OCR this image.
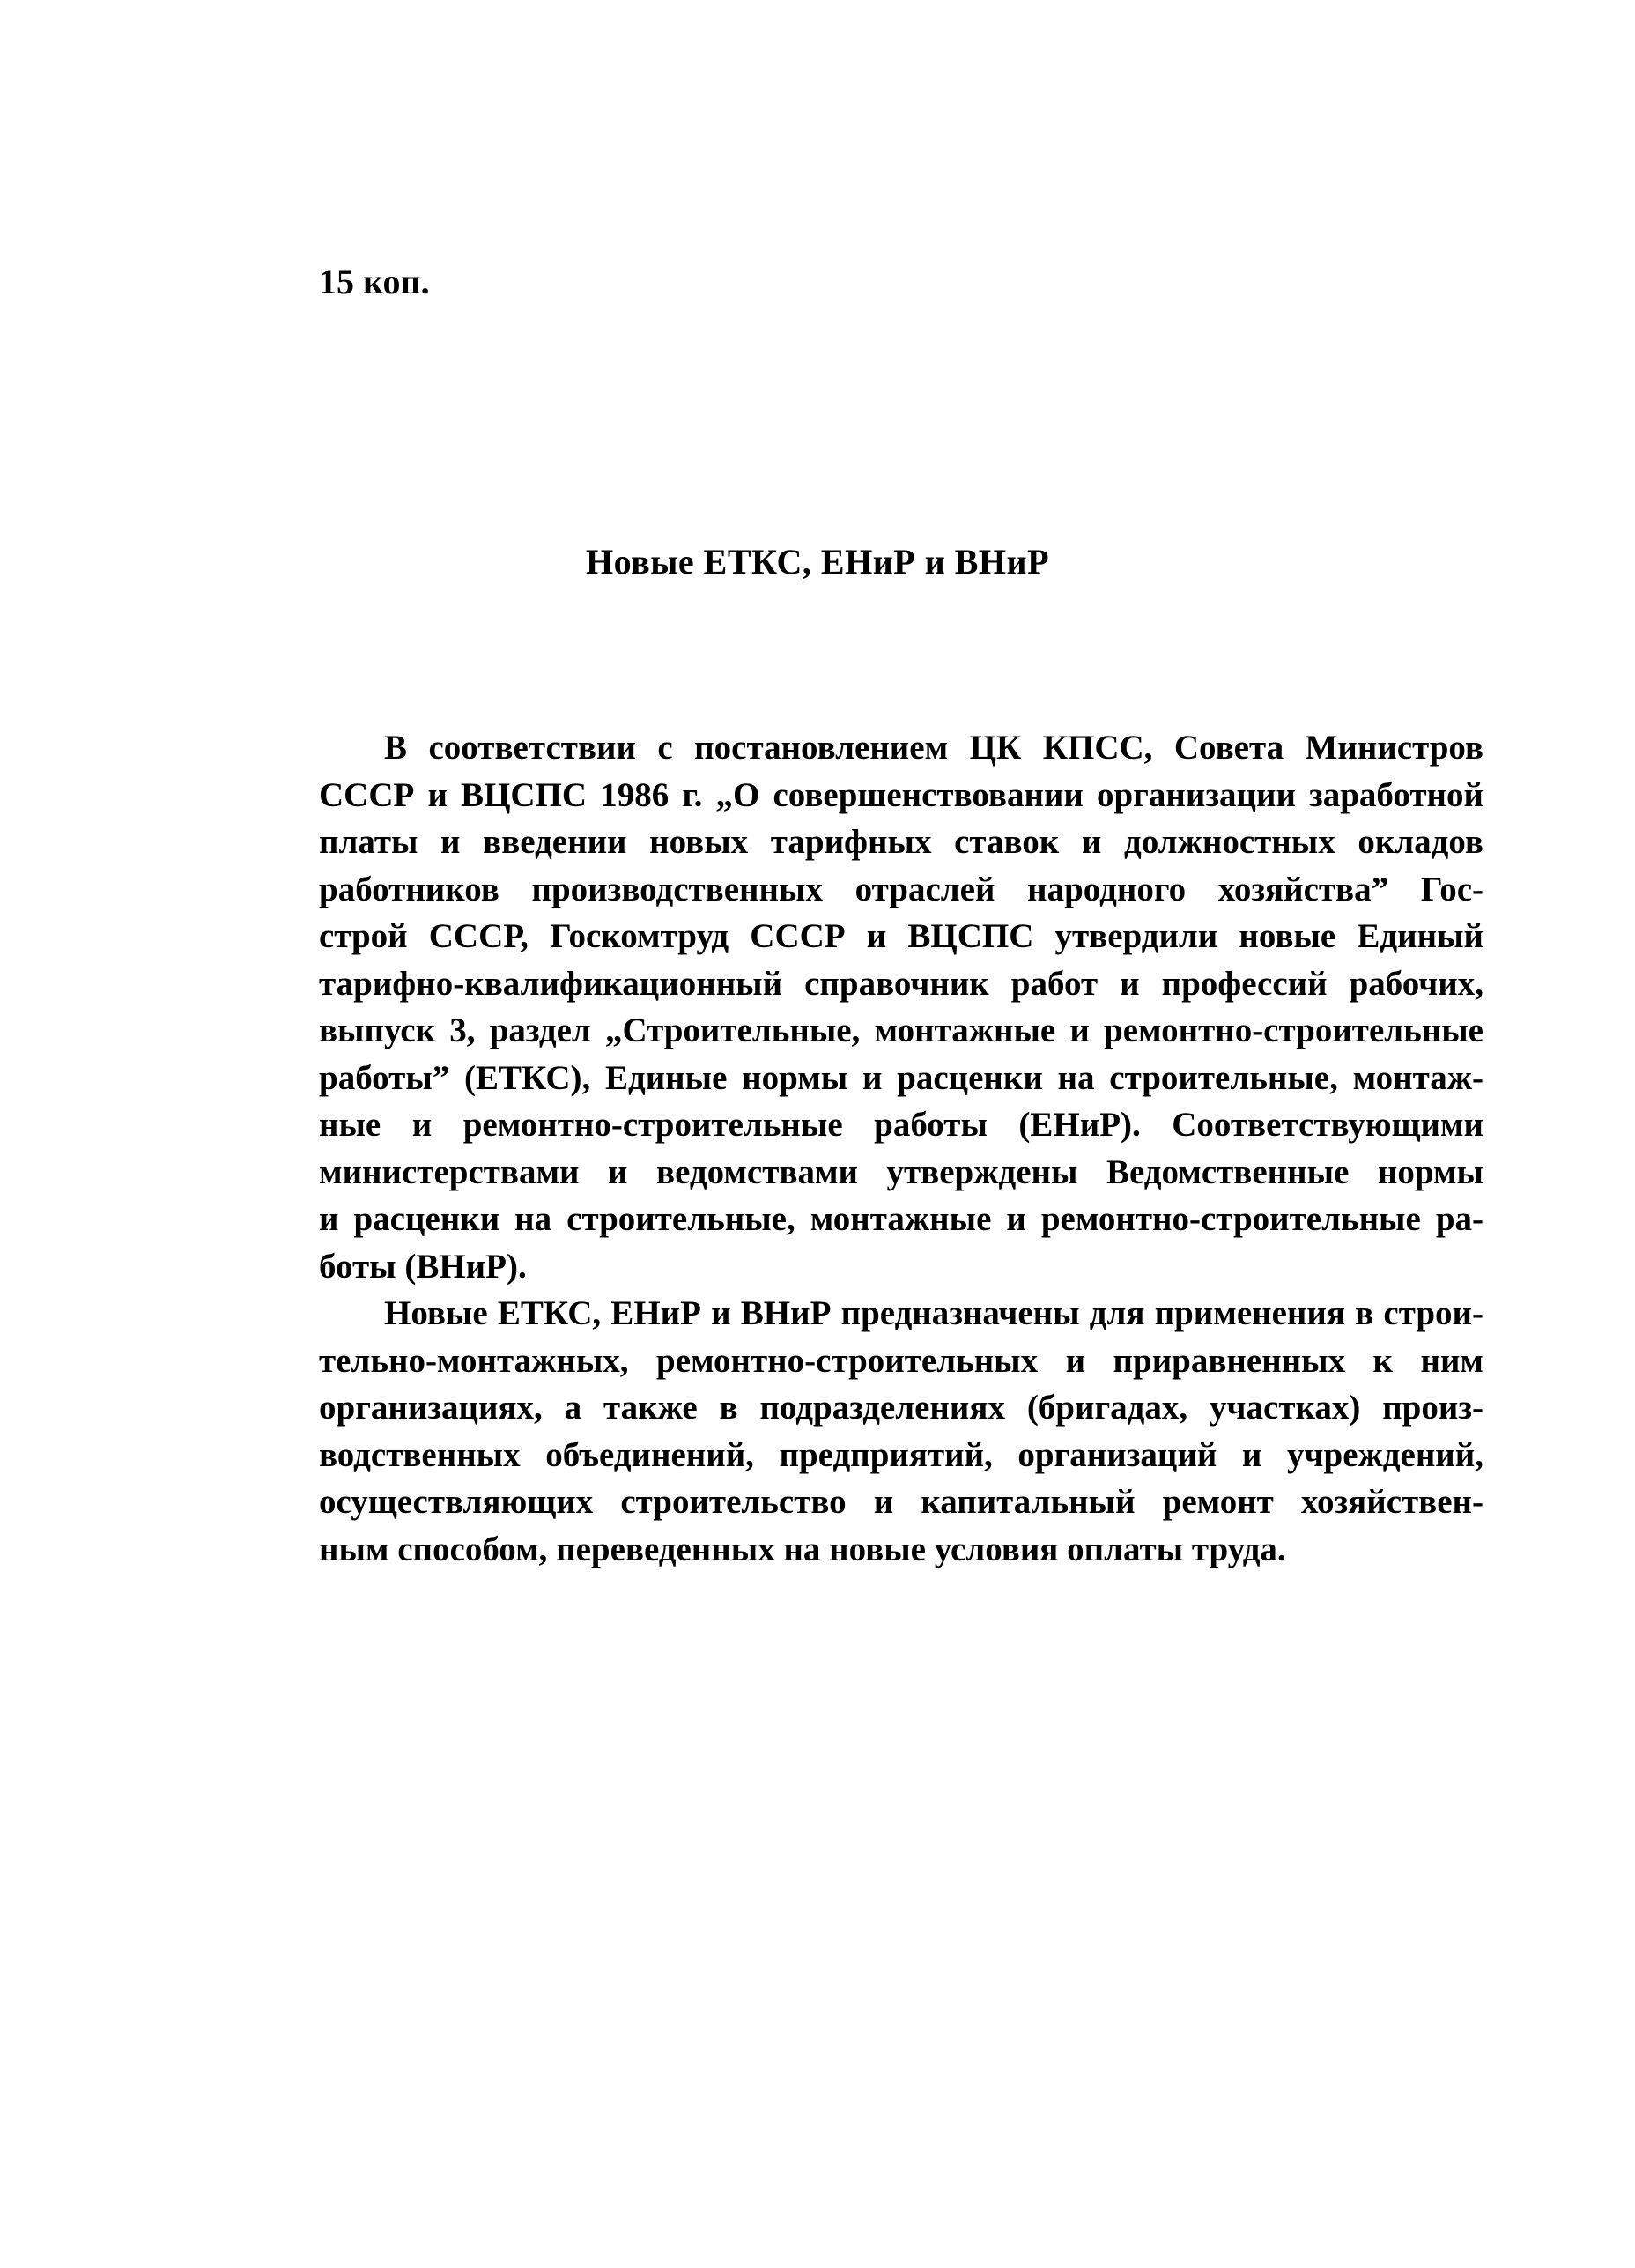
15 коп.
Новые ЕТКС, ЕНиР и ВНиР

В соответствии с постановлением ЦК КПСС, Совета Министров
СССР и ВЦСПС 1986 г. „О совершенствовании организации заработной
платы и введении новых тарифных ставок и должностных окладов
работников производственных отраслей народного хозяйства” Гос-
строй СССР, Госкомтруд СССР и ВЦСПС утвердили новые Единый
тарифно-квалификационный справочник работ и профессий рабочих,
выпуск 3, раздел „Строительные, монтажные и ремонтно-строительные
работы” (ЕТКС), Единые нормы и расценки на строительные, монтаж-
ные и ремонтно-строительные работы (ЕНиР). Соответствующими
министерствами и ведомствами утверждены Ведомственные нормы
и расценки на строительные, монтажные и ремонтно-строительные ра-
боты (ВНиР).

Новые ЕТКС, ЕНиР и ВНиР предназначены для применения в строи-
тельно-монтажных, ремонтно-строительных и приравненных к ним
организациях, а также в подразделениях (бригадах, участках) произ-
водственных объединений, предприятий, организаций и учреждений,
осуществляющих строительство и капитальный ремонт хозяйствен-
ным способом, переведенных на новые условия оплаты труда.
